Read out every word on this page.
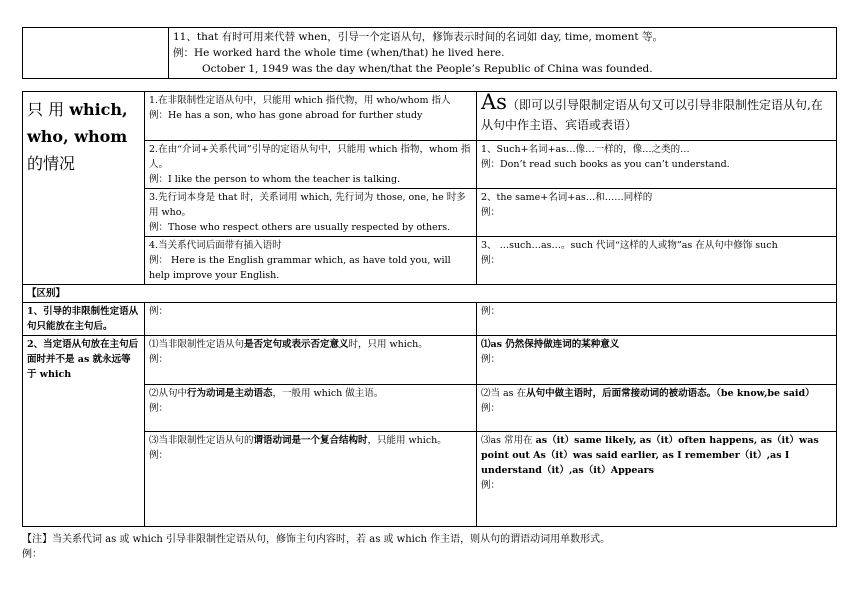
11、that 有时可用来代替 when，引导一个定语从句，修饰表示时间的名词如 day, time, moment 等。
例：He worked hard the whole time (when/that) he lived here.
October 1, 1949 was the day when/that the People’s Republic of China was founded.
只 用 which, who, whom 的情况	1.在非限制性定语从句中，只能用 which 指代物，用 who/whom 指人
例：He has a son, who has gone abroad for further study	As（即可以引导限制定语从句又可以引导非限制性定语从句,在从句中作主语、宾语或表语）

	2.在由“介词+关系代词”引导的定语从句中，只能用 which 指物，whom 指人。
例：I like the person to whom the teacher is talking.	1、Such+名词+as…像…一样的，像…之类的…
例：Don’t read such books as you can’t understand.

	3.先行词本身是 that 时，关系词用 which, 先行词为 those, one, he 时多用 who。
例：Those who respect others are usually respected by others.	2、the same+名词+as…和……同样的
例：

	4.当关系代词后面带有插入语时
例： Here is the English grammar which, as have told you, will help improve your English.	3、 …such…as…。such 代词“这样的人或物”as 在从句中修饰 such
例：

【区别】		
1、引导的非限制性定语从句只能放在主句后。	例：	例：
2、当定语从句放在主句后面时并不是 as 就永远等于 which	⑴当非限制性定语从句是否定句或表示否定意义时，只用 which。
例：	⑴as 仍然保持做连词的某种意义
例：

	⑵从句中行为动词是主动语态，一般用 which 做主语。
例：	⑵当 as 在从句中做主语时，后面常接动词的被动语态。（be know,be said）
例：

	⑶当非限制性定语从句的谓语动词是一个复合结构时，只能用 which。
例：	⑶as 常用在 as（it）same likely, as（it）often happens, as（it）was point out As（it）was said earlier, as I remember（it）,as I understand（it）,as（it）Appears
例：
【注】当关系代词 as 或 which 引导非限制性定语从句，修饰主句内容时，若 as 或 which 作主语，则从句的谓语动词用单数形式。
例：
